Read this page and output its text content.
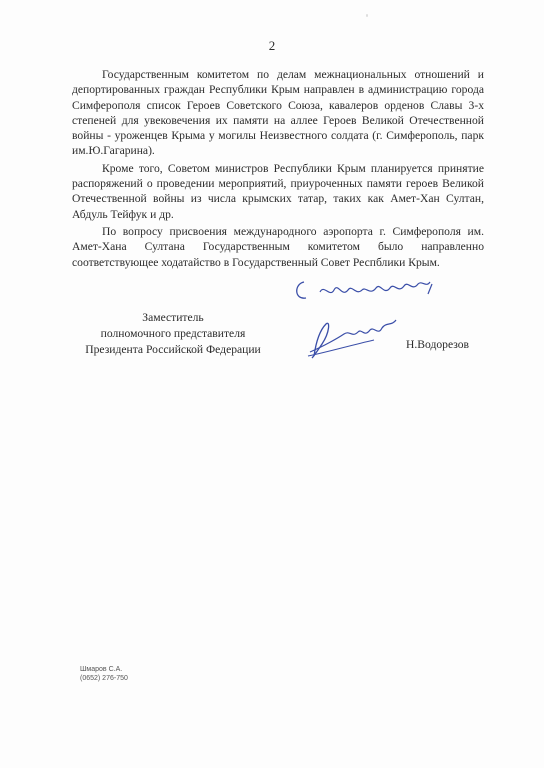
2

Государственным комитетом по делам межнациональных отношений и депортированных граждан Республики Крым направлен в администрацию города Симферополя список Героев Советского Союза, кавалеров орденов Славы 3-х степеней для увековечения их памяти на аллее Героев Великой Отечественной войны - уроженцев Крыма у могилы Неизвестного солдата (г. Симферополь, парк им.Ю.Гагарина).

Кроме того, Советом министров Республики Крым планируется принятие распоряжений о проведении мероприятий, приуроченных памяти героев Великой Отечественной войны из числа крымских татар, таких как Амет-Хан Султан, Абдуль Тейфук и др.

По вопросу присвоения международного аэропорта г. Симферополя им. Амет-Хана Султана Государственным комитетом было направленно соответствующее ходатайство в Государственный Совет Респблики Крым.

Заместитель
полномочного представителя
Президента Российской Федерации	Н.Водорезов
Шмаров С.А.
(0652) 276-750
